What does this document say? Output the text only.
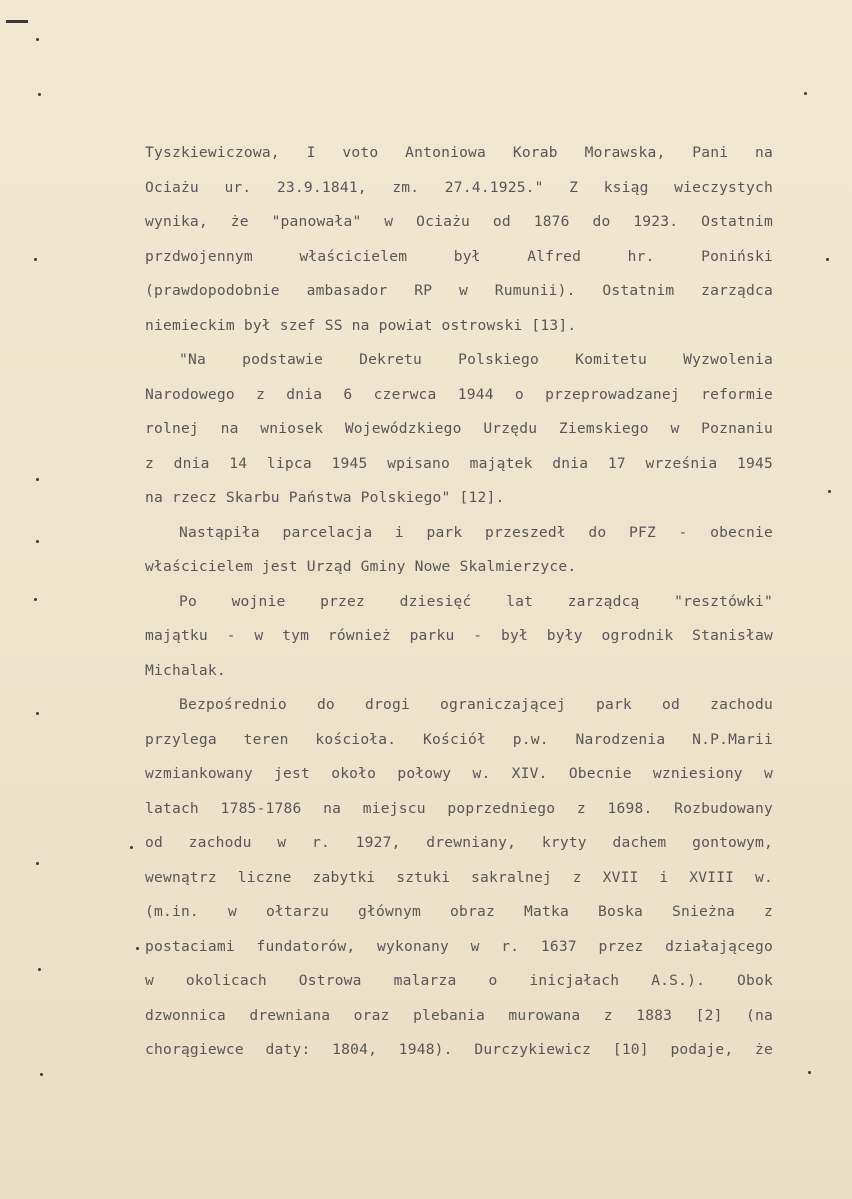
Tyszkiewiczowa, I voto Antoniowa Korab Morawska, Pani na
Ociażu ur. 23.9.1841, zm. 27.4.1925." Z ksiąg wieczystych
wynika, że "panowała" w Ociażu od 1876 do 1923. Ostatnim
przdwojennym właścicielem był Alfred hr. Poniński
(prawdopodobnie ambasador RP w Rumunii). Ostatnim zarządca
niemieckim był szef SS na powiat ostrowski [13].
"Na podstawie Dekretu Polskiego Komitetu Wyzwolenia
Narodowego z dnia 6 czerwca 1944 o przeprowadzanej reformie
rolnej na wniosek Wojewódzkiego Urzędu Ziemskiego w Poznaniu
z dnia 14 lipca 1945 wpisano majątek dnia 17 września 1945
na rzecz Skarbu Państwa Polskiego" [12].
Nastąpiła parcelacja i park przeszedł do PFZ - obecnie
właścicielem jest Urząd Gminy Nowe Skalmierzyce.
Po wojnie przez dziesięć lat zarządcą "resztówki"
majątku - w tym również parku - był były ogrodnik Stanisław
Michalak.
Bezpośrednio do drogi ograniczającej park od zachodu
przylega teren kościoła. Kościół p.w. Narodzenia N.P.Marii
wzmiankowany jest około połowy w. XIV. Obecnie wzniesiony w
latach 1785-1786 na miejscu poprzedniego z 1698. Rozbudowany
od zachodu w r. 1927, drewniany, kryty dachem gontowym,
wewnątrz liczne zabytki sztuki sakralnej z XVII i XVIII w.
(m.in. w ołtarzu głównym obraz Matka Boska Snieżna z
postaciami fundatorów, wykonany w r. 1637 przez działającego
w okolicach Ostrowa malarza o inicjałach A.S.). Obok
dzwonnica drewniana oraz plebania murowana z 1883 [2] (na
chorągiewce daty: 1804, 1948). Durczykiewicz [10] podaje, że
